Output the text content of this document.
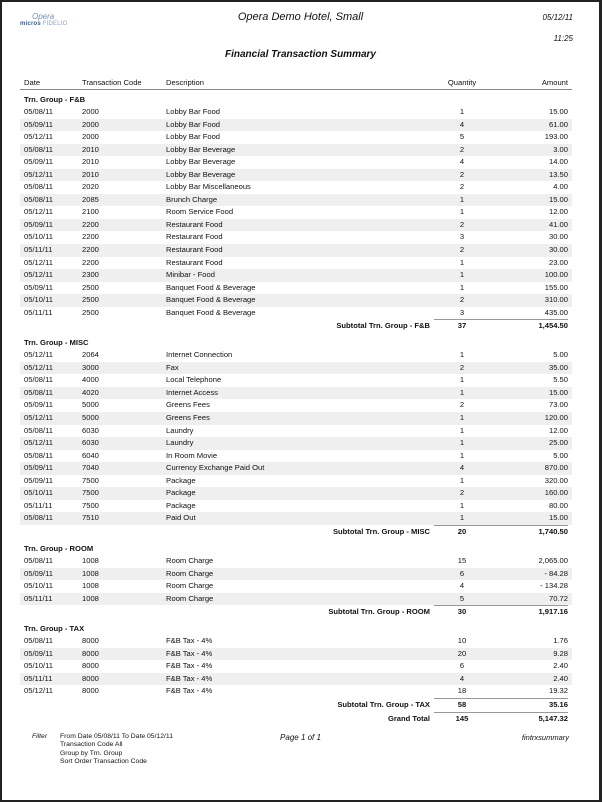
Opera
micros FIDELIO
Opera Demo Hotel, Small	05/12/11
11:25
Financial Transaction Summary
Date	Transaction Code	Description	Quantity	Amount
Trn. Group - F&B
05/08/11	2000	Lobby Bar Food	1	15.00
05/09/11	2000	Lobby Bar Food	4	61.00
05/12/11	2000	Lobby Bar Food	5	193.00
05/08/11	2010	Lobby Bar Beverage	2	3.00
05/09/11	2010	Lobby Bar Beverage	4	14.00
05/12/11	2010	Lobby Bar Beverage	2	13.50
05/08/11	2020	Lobby Bar Miscellaneous	2	4.00
05/08/11	2085	Brunch Charge	1	15.00
05/12/11	2100	Room Service Food	1	12.00
05/09/11	2200	Restaurant Food	2	41.00
05/10/11	2200	Restaurant Food	3	30.00
05/11/11	2200	Restaurant Food	2	30.00
05/12/11	2200	Restaurant Food	1	23.00
05/12/11	2300	Minibar - Food	1	100.00
05/09/11	2500	Banquet Food & Beverage	1	155.00
05/10/11	2500	Banquet Food & Beverage	2	310.00
05/11/11	2500	Banquet Food & Beverage	3	435.00
Subtotal Trn. Group - F&B	37	1,454.50
Trn. Group - MISC
05/12/11	2064	Internet Connection	1	5.00
05/12/11	3000	Fax	2	35.00
05/08/11	4000	Local Telephone	1	5.50
05/08/11	4020	Internet Access	1	15.00
05/09/11	5000	Greens Fees	2	73.00
05/12/11	5000	Greens Fees	1	120.00
05/08/11	6030	Laundry	1	12.00
05/12/11	6030	Laundry	1	25.00
05/08/11	6040	In Room Movie	1	5.00
05/09/11	7040	Currency Exchange Paid Out	4	870.00
05/09/11	7500	Package	1	320.00
05/10/11	7500	Package	2	160.00
05/11/11	7500	Package	1	80.00
05/08/11	7510	Paid Out	1	15.00
Subtotal Trn. Group - MISC	20	1,740.50
Trn. Group - ROOM
05/08/11	1008	Room Charge	15	2,065.00
05/09/11	1008	Room Charge	6	- 84.28
05/10/11	1008	Room Charge	4	- 134.28
05/11/11	1008	Room Charge	5	70.72
Subtotal Trn. Group - ROOM	30	1,917.16
Trn. Group - TAX
05/08/11	8000	F&B Tax - 4%	10	1.76
05/09/11	8000	F&B Tax - 4%	20	9.28
05/10/11	8000	F&B Tax - 4%	6	2.40
05/11/11	8000	F&B Tax - 4%	4	2.40
05/12/11	8000	F&B Tax - 4%	18	19.32
Subtotal Trn. Group - TAX	58	35.16
Grand Total	145	5,147.32
Filter From Date 05/08/11 To Date 05/12/11
Transaction Code All
Group by Trn. Group
Sort Order Transaction Code
Page 1 of 1	fintrxsummary
